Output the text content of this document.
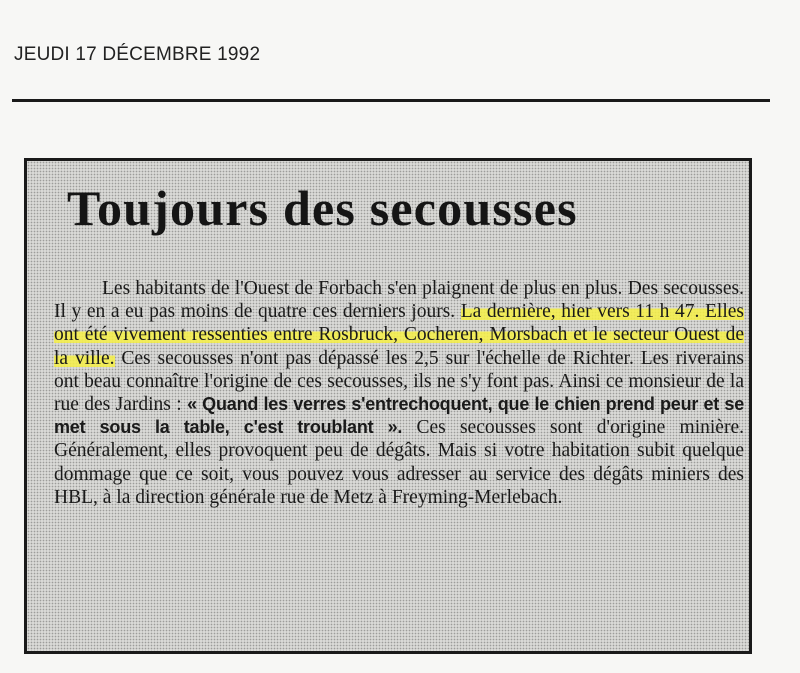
JEUDI 17 DÉCEMBRE 1992
Toujours des secousses

Les habitants de l'Ouest de Forbach s'en plaignent de plus en plus. Des secousses. Il y en a eu pas moins de quatre ces derniers jours. La dernière, hier vers 11 h 47. Elles ont été vivement ressenties entre Rosbruck, Cocheren, Morsbach et le secteur Ouest de la ville. Ces secousses n'ont pas dépassé les 2,5 sur l'échelle de Richter. Les riverains ont beau connaître l'origine de ces secousses, ils ne s'y font pas. Ainsi ce monsieur de la rue des Jardins : « Quand les verres s'entrechoquent, que le chien prend peur et se met sous la table, c'est troublant ». Ces secousses sont d'origine minière. Généralement, elles provoquent peu de dégâts. Mais si votre habitation subit quelque dommage que ce soit, vous pouvez vous adresser au service des dégâts miniers des HBL, à la direction générale rue de Metz à Freyming-Merlebach.
